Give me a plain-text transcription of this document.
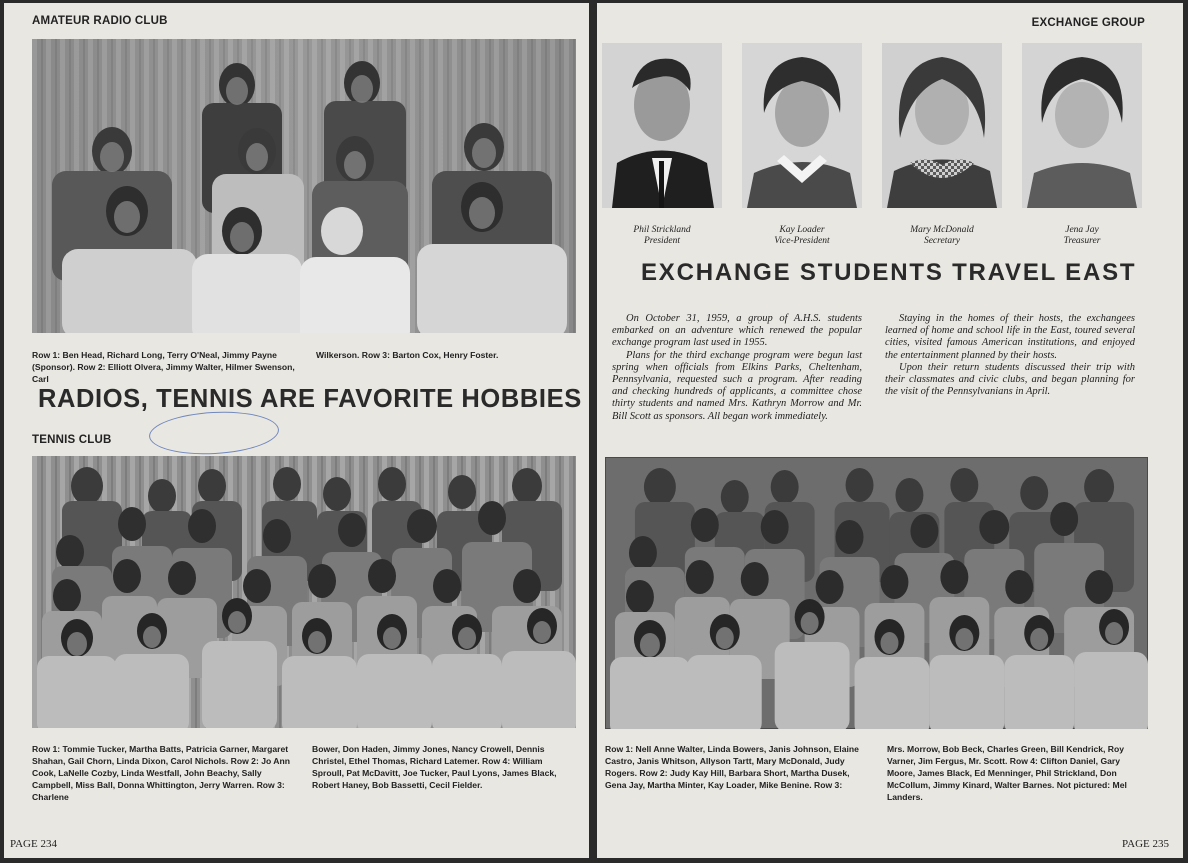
AMATEUR RADIO CLUB
Row 1: Ben Head, Richard Long, Terry O'Neal, Jimmy Payne (Sponsor). Row 2: Elliott Olvera, Jimmy Walter, Hilmer Swenson, Carl
Wilkerson. Row 3: Barton Cox, Henry Foster.
RADIOS, TENNIS ARE FAVORITE HOBBIES
TENNIS CLUB
Row 1: Tommie Tucker, Martha Batts, Patricia Garner, Margaret Shahan, Gail Chorn, Linda Dixon, Carol Nichols. Row 2: Jo Ann Cook, LaNelle Cozby, Linda Westfall, John Beachy, Sally Campbell, Miss Ball, Donna Whittington, Jerry Warren. Row 3: Charlene
Bower, Don Haden, Jimmy Jones, Nancy Crowell, Dennis Christel, Ethel Thomas, Richard Latemer. Row 4: William Sproull, Pat McDavitt, Joe Tucker, Paul Lyons, James Black, Robert Haney, Bob Bassetti, Cecil Fielder.
PAGE 234
EXCHANGE GROUP
Phil Strickland
President
Kay Loader
Vice-President
Mary McDonald
Secretary
Jena Jay
Treasurer
EXCHANGE STUDENTS TRAVEL EAST

On October 31, 1959, a group of A.H.S. students embarked on an adventure which renewed the popular exchange program last used in 1955.

Plans for the third exchange program were begun last spring when officials from Elkins Parks, Cheltenham, Pennsylvania, requested such a program. After reading and checking hundreds of applicants, a committee chose thirty students and named Mrs. Kathryn Morrow and Mr. Bill Scott as sponsors. All began work immediately.

Staying in the homes of their hosts, the exchangees learned of home and school life in the East, toured several cities, visited famous American institutions, and enjoyed the entertainment planned by their hosts.

Upon their return students discussed their trip with their classmates and civic clubs, and began planning for the visit of the Pennsylvanians in April.

Row 1: Nell Anne Walter, Linda Bowers, Janis Johnson, Elaine Castro, Janis Whitson, Allyson Tartt, Mary McDonald, Judy Rogers. Row 2: Judy Kay Hill, Barbara Short, Martha Dusek, Gena Jay, Martha Minter, Kay Loader, Mike Benine. Row 3:
Mrs. Morrow, Bob Beck, Charles Green, Bill Kendrick, Roy Varner, Jim Fergus, Mr. Scott. Row 4: Clifton Daniel, Gary Moore, James Black, Ed Menninger, Phil Strickland, Don McCollum, Jimmy Kinard, Walter Barnes. Not pictured: Mel Landers.
PAGE 235
